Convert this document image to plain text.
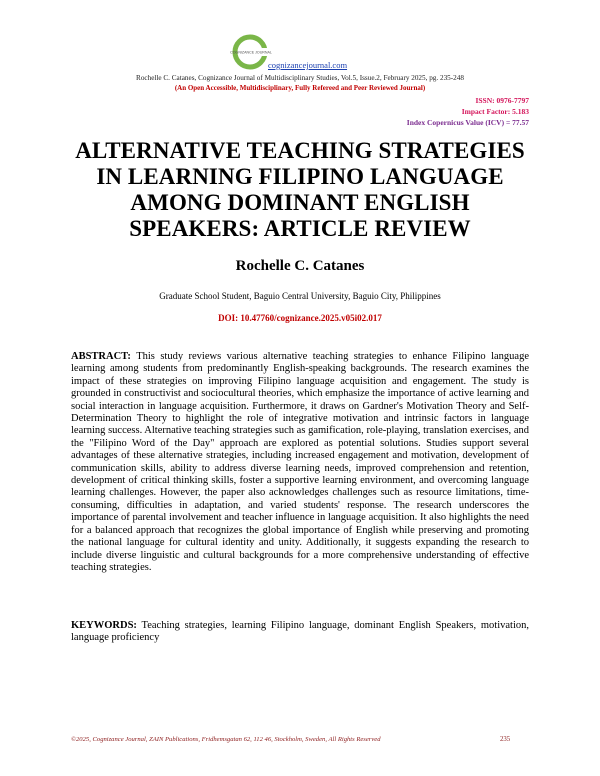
COGNIZANCE JOURNAL
cognizancejournal.com
Rochelle C. Catanes, Cognizance Journal of Multidisciplinary Studies, Vol.5, Issue.2, February 2025, pg. 235-248
(An Open Accessible, Multidisciplinary, Fully Refereed and Peer Reviewed Journal)
ISSN: 0976-7797
Impact Factor: 5.183
Index Copernicus Value (ICV) = 77.57
ALTERNATIVE TEACHING STRATEGIES
IN LEARNING FILIPINO LANGUAGE
AMONG DOMINANT ENGLISH
SPEAKERS: ARTICLE REVIEW
Rochelle C. Catanes
Graduate School Student, Baguio Central University, Baguio City, Philippines
DOI: 10.47760/cognizance.2025.v05i02.017

ABSTRACT: This study reviews various alternative teaching strategies to enhance Filipino language learning among students from predominantly English-speaking backgrounds. The research examines the impact of these strategies on improving Filipino language acquisition and engagement. The study is grounded in constructivist and sociocultural theories, which emphasize the importance of active learning and social interaction in language acquisition. Furthermore, it draws on Gardner's Motivation Theory and Self-Determination Theory to highlight the role of integrative motivation and intrinsic factors in language learning success. Alternative teaching strategies such as gamification, role-playing, translation exercises, and the "Filipino Word of the Day" approach are explored as potential solutions. Studies support several advantages of these alternative strategies, including increased engagement and motivation, development of communication skills, ability to address diverse learning needs, improved comprehension and retention, development of critical thinking skills, foster a supportive learning environment, and overcoming language learning challenges. However, the paper also acknowledges challenges such as resource limitations, time-consuming, difficulties in adaptation, and varied students' response. The research underscores the importance of parental involvement and teacher influence in language acquisition. It also highlights the need for a balanced approach that recognizes the global importance of English while preserving and promoting the national language for cultural identity and unity. Additionally, it suggests expanding the research to include diverse linguistic and cultural backgrounds for a more comprehensive understanding of effective teaching strategies.

KEYWORDS: Teaching strategies, learning Filipino language, dominant English Speakers, motivation, language proficiency

©2025, Cognizance Journal, ZAIN Publications, Fridhemsgatan 62, 112 46, Stockholm, Sweden, All Rights Reserved	235
